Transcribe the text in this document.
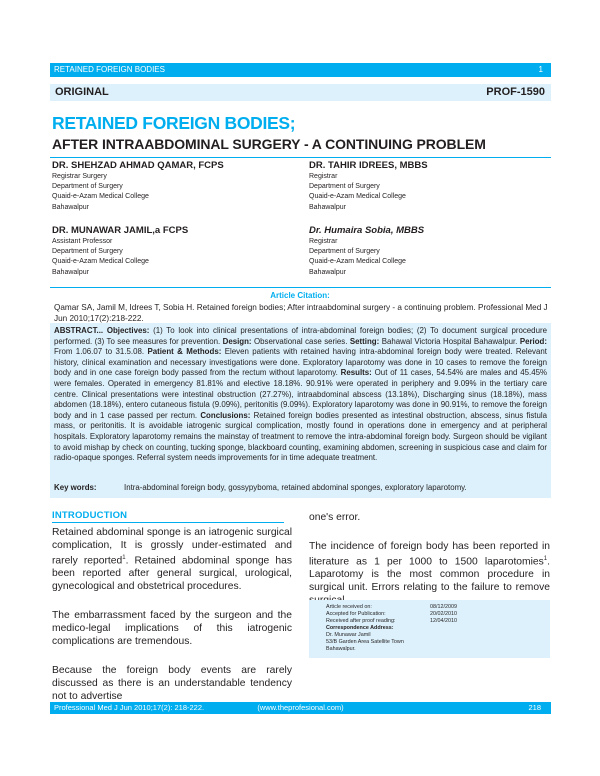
RETAINED FOREIGN BODIES	1
ORIGINAL	PROF-1590
RETAINED FOREIGN BODIES;
AFTER INTRAABDOMINAL SURGERY - A CONTINUING PROBLEM
DR. SHEHZAD AHMAD QAMAR, FCPS
Registrar Surgery
Department of Surgery
Quaid-e-Azam Medical College
Bahawalpur
DR. TAHIR IDREES, MBBS
Registrar
Department of Surgery
Quaid-e-Azam Medical College
Bahawalpur
DR. MUNAWAR JAMIL,a FCPS
Assistant Professor
Department of Surgery
Quaid-e-Azam Medical College
Bahawalpur
Dr. Humaira Sobia, MBBS
Registrar
Department of Surgery
Quaid-e-Azam Medical College
Bahawalpur
Article Citation:
Qamar SA, Jamil M, Idrees T, Sobia H. Retained foreign bodies; After intraabdominal surgery - a continuing problem. Professional Med J Jun 2010;17(2):218-222.

ABSTRACT... Objectives: (1) To look into clinical presentations of intra-abdominal foreign bodies; (2) To document surgical procedure performed. (3) To see measures for prevention. Design: Observational case series. Setting: Bahawal Victoria Hospital Bahawalpur. Period: From 1.06.07 to 31.5.08. Patient & Methods: Eleven patients with retained having intra-abdominal foreign body were treated. Relevant history, clinical examination and necessary investigations were done. Exploratory laparotomy was done in 10 cases to remove the foreign body and in one case foreign body passed from the rectum without laparotomy. Results: Out of 11 cases, 54.54% are males and 45.45% were females. Operated in emergency 81.81% and elective 18.18%. 90.91% were operated in periphery and 9.09% in the tertiary care centre. Clinical presentations were intestinal obstruction (27.27%), intraabdominal abscess (13.18%), Discharging sinus (18.18%), mass abdomen (18.18%), entero cutaneous fistula (9.09%), peritonitis (9.09%). Exploratory laparotomy was done in 90.91%, to remove the foreign body and in 1 case passed per rectum. Conclusions: Retained foreign bodies presented as intestinal obstruction, abscess, sinus fistula mass, or peritonitis. It is avoidable iatrogenic surgical complication, mostly found in operations done in emergency and at peripheral hospitals. Exploratory laparotomy remains the mainstay of treatment to remove the intra-abdominal foreign body. Surgeon should be vigilant to avoid mishap by check on counting, tucking sponge, blackboard counting, examining abdomen, screening in suspicious case and claim for radio-opaque sponges. Referral system needs improvements for in time adequate treatment.

Key words:	Intra-abdominal foreign body, gossypyboma, retained abdominal sponges, exploratory laparotomy.
INTRODUCTION

Retained abdominal sponge is an iatrogenic surgical complication, It is grossly under-estimated and rarely reported$^1$. Retained abdominal sponge has been reported after general surgical, urological, gynecological and obstetrical procedures.

The embarrassment faced by the surgeon and the medico-legal implications of this iatrogenic complications are tremendous.

Because the foreign body events are rarely discussed as there is an understandable tendency not to advertise

one's error.

The incidence of foreign body has been reported in literature as 1 per 1000 to 1500 laparotomies$^1$. Laparotomy is the most common procedure in surgical unit. Errors relating to the failure to remove

Article received on:	08/12/2009
Accepted for Publication:	20/02/2010
Received after proof reading:	12/04/2010
Correspondence Address:
Dr. Munawar Jamil
53/B Garden Area Satellite Town
Bahawalpur.
Professional Med J Jun 2010;17(2): 218-222.	(www.theprofesional.com)	218
